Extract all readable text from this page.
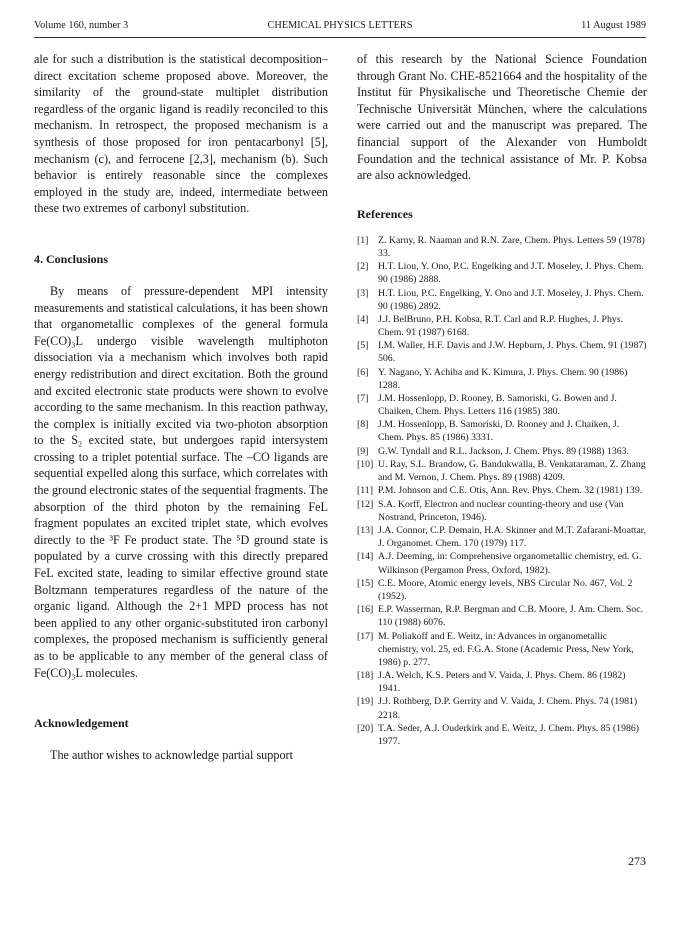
Volume 160, number 3	CHEMICAL PHYSICS LETTERS	11 August 1989

ale for such a distribution is the statistical decomposition–direct excitation scheme proposed above. Moreover, the similarity of the ground-state multiplet distribution regardless of the organic ligand is readily reconciled to this mechanism. In retrospect, the proposed mechanism is a synthesis of those proposed for iron pentacarbonyl [5], mechanism (c), and ferrocene [2,3], mechanism (b). Such behavior is entirely reasonable since the complexes employed in the study are, indeed, intermediate between these two extremes of carbonyl substitution.

4. Conclusions

By means of pressure-dependent MPI intensity measurements and statistical calculations, it has been shown that organometallic complexes of the general formula Fe(CO)₃L undergo visible wavelength multiphoton dissociation via a mechanism which involves both rapid energy redistribution and direct excitation. Both the ground and excited electronic state products were shown to evolve according to the same mechanism. In this reaction pathway, the complex is initially excited via two-photon absorption to the S₂ excited state, but undergoes rapid intersystem crossing to a triplet potential surface. The –CO ligands are sequential expelled along this surface, which correlates with the ground electronic states of the sequential fragments. The absorption of the third photon by the remaining FeL fragment populates an excited triplet state, which evolves directly to the ³F Fe product state. The ⁵D ground state is populated by a curve crossing with this directly prepared FeL excited state, leading to similar effective ground state Boltzmann temperatures regardless of the nature of the organic ligand. Although the 2+1 MPD process has not been applied to any other organic-substituted iron carbonyl complexes, the proposed mechanism is sufficiently general as to be applicable to any member of the general class of Fe(CO)₃L molecules.

Acknowledgement

The author wishes to acknowledge partial support

of this research by the National Science Foundation through Grant No. CHE-8521664 and the hospitality of the Institut für Physikalische und Theoretische Chemie der Technische Universität München, where the calculations were carried out and the manuscript was prepared. The financial support of the Alexander von Humboldt Foundation and the technical assistance of Mr. P. Kobsa are also acknowledged.

References
[1] Z. Karny, R. Naaman and R.N. Zare, Chem. Phys. Letters 59 (1978) 33.
[2] H.T. Liou, Y. Ono, P.C. Engelking and J.T. Moseley, J. Phys. Chem. 90 (1986) 2888.
[3] H.T. Liou, P.C. Engelking, Y. Ono and J.T. Moseley, J. Phys. Chem. 90 (1986) 2892.
[4] J.J. BelBruno, P.H. Kobsa, R.T. Carl and R.P. Hughes, J. Phys. Chem. 91 (1987) 6168.
[5] I.M. Waller, H.F. Davis and J.W. Hepburn, J. Phys. Chem. 91 (1987) 506.
[6] Y. Nagano, Y. Achiba and K. Kimura, J. Phys. Chem. 90 (1986) 1288.
[7] J.M. Hossenlopp, D. Rooney, B. Samoriski, G. Bowen and J. Chaiken, Chem. Phys. Letters 116 (1985) 380.
[8] J.M. Hossenlopp, B. Samoriski, D. Rooney and J. Chaiken, J. Chem. Phys. 85 (1986) 3331.
[9] G.W. Tyndall and R.L. Jackson, J. Chem. Phys. 89 (1988) 1363.
[10] U. Ray, S.L. Brandow, G. Bandukwalla, B. Venkataraman, Z. Zhang and M. Vernon, J. Chem. Phys. 89 (1988) 4209.
[11] P.M. Johnson and C.E. Otis, Ann. Rev. Phys. Chem. 32 (1981) 139.
[12] S.A. Korff, Electron and nuclear counting-theory and use (Van Nostrand, Princeton, 1946).
[13] J.A. Connor, C.P. Demain, H.A. Skinner and M.T. Zafarani-Moattar, J. Organomet. Chem. 170 (1979) 117.
[14] A.J. Deeming, in: Comprehensive organometallic chemistry, ed. G. Wilkinson (Pergamon Press, Oxford, 1982).
[15] C.E. Moore, Atomic energy levels, NBS Circular No. 467, Vol. 2 (1952).
[16] E.P. Wasserman, R.P. Bergman and C.B. Moore, J. Am. Chem. Soc. 110 (1988) 6076.
[17] M. Poliakoff and E. Weitz, in: Advances in organometallic chemistry, vol. 25, ed. F.G.A. Stone (Academic Press, New York, 1986) p. 277.
[18] J.A. Welch, K.S. Peters and V. Vaida, J. Phys. Chem. 86 (1982) 1941.
[19] J.J. Rothberg, D.P. Gerrity and V. Vaida, J. Chem. Phys. 74 (1981) 2218.
[20] T.A. Seder, A.J. Ouderkirk and E. Weitz, J. Chem. Phys. 85 (1986) 1977.
273
